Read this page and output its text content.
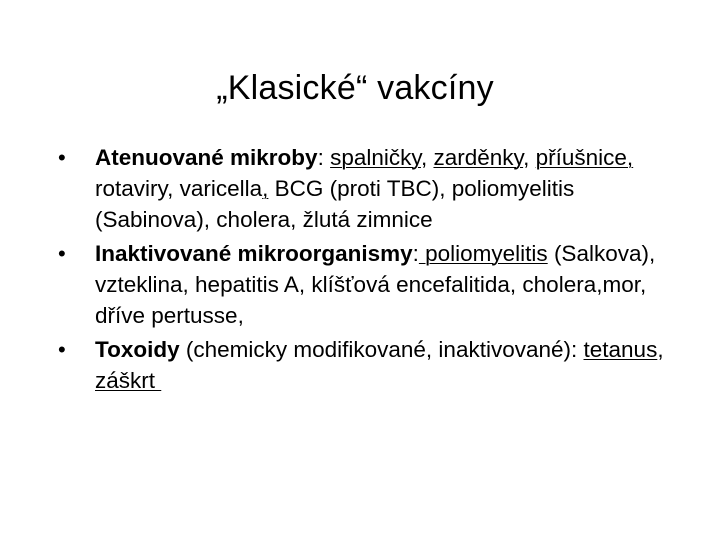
„Klasické“ vakcíny
•	Atenuované mikroby: spalničky, zarděnky, příušnice, rotaviry, varicella, BCG (proti TBC), poliomyelitis (Sabinova), cholera, žlutá zimnice
•	Inaktivované mikroorganismy: poliomyelitis (Salkova), vzteklina, hepatitis A, klíšťová encefalitida, cholera,mor, dříve pertusse,
•	Toxoidy (chemicky modifikované, inaktivované): tetanus, záškrt
